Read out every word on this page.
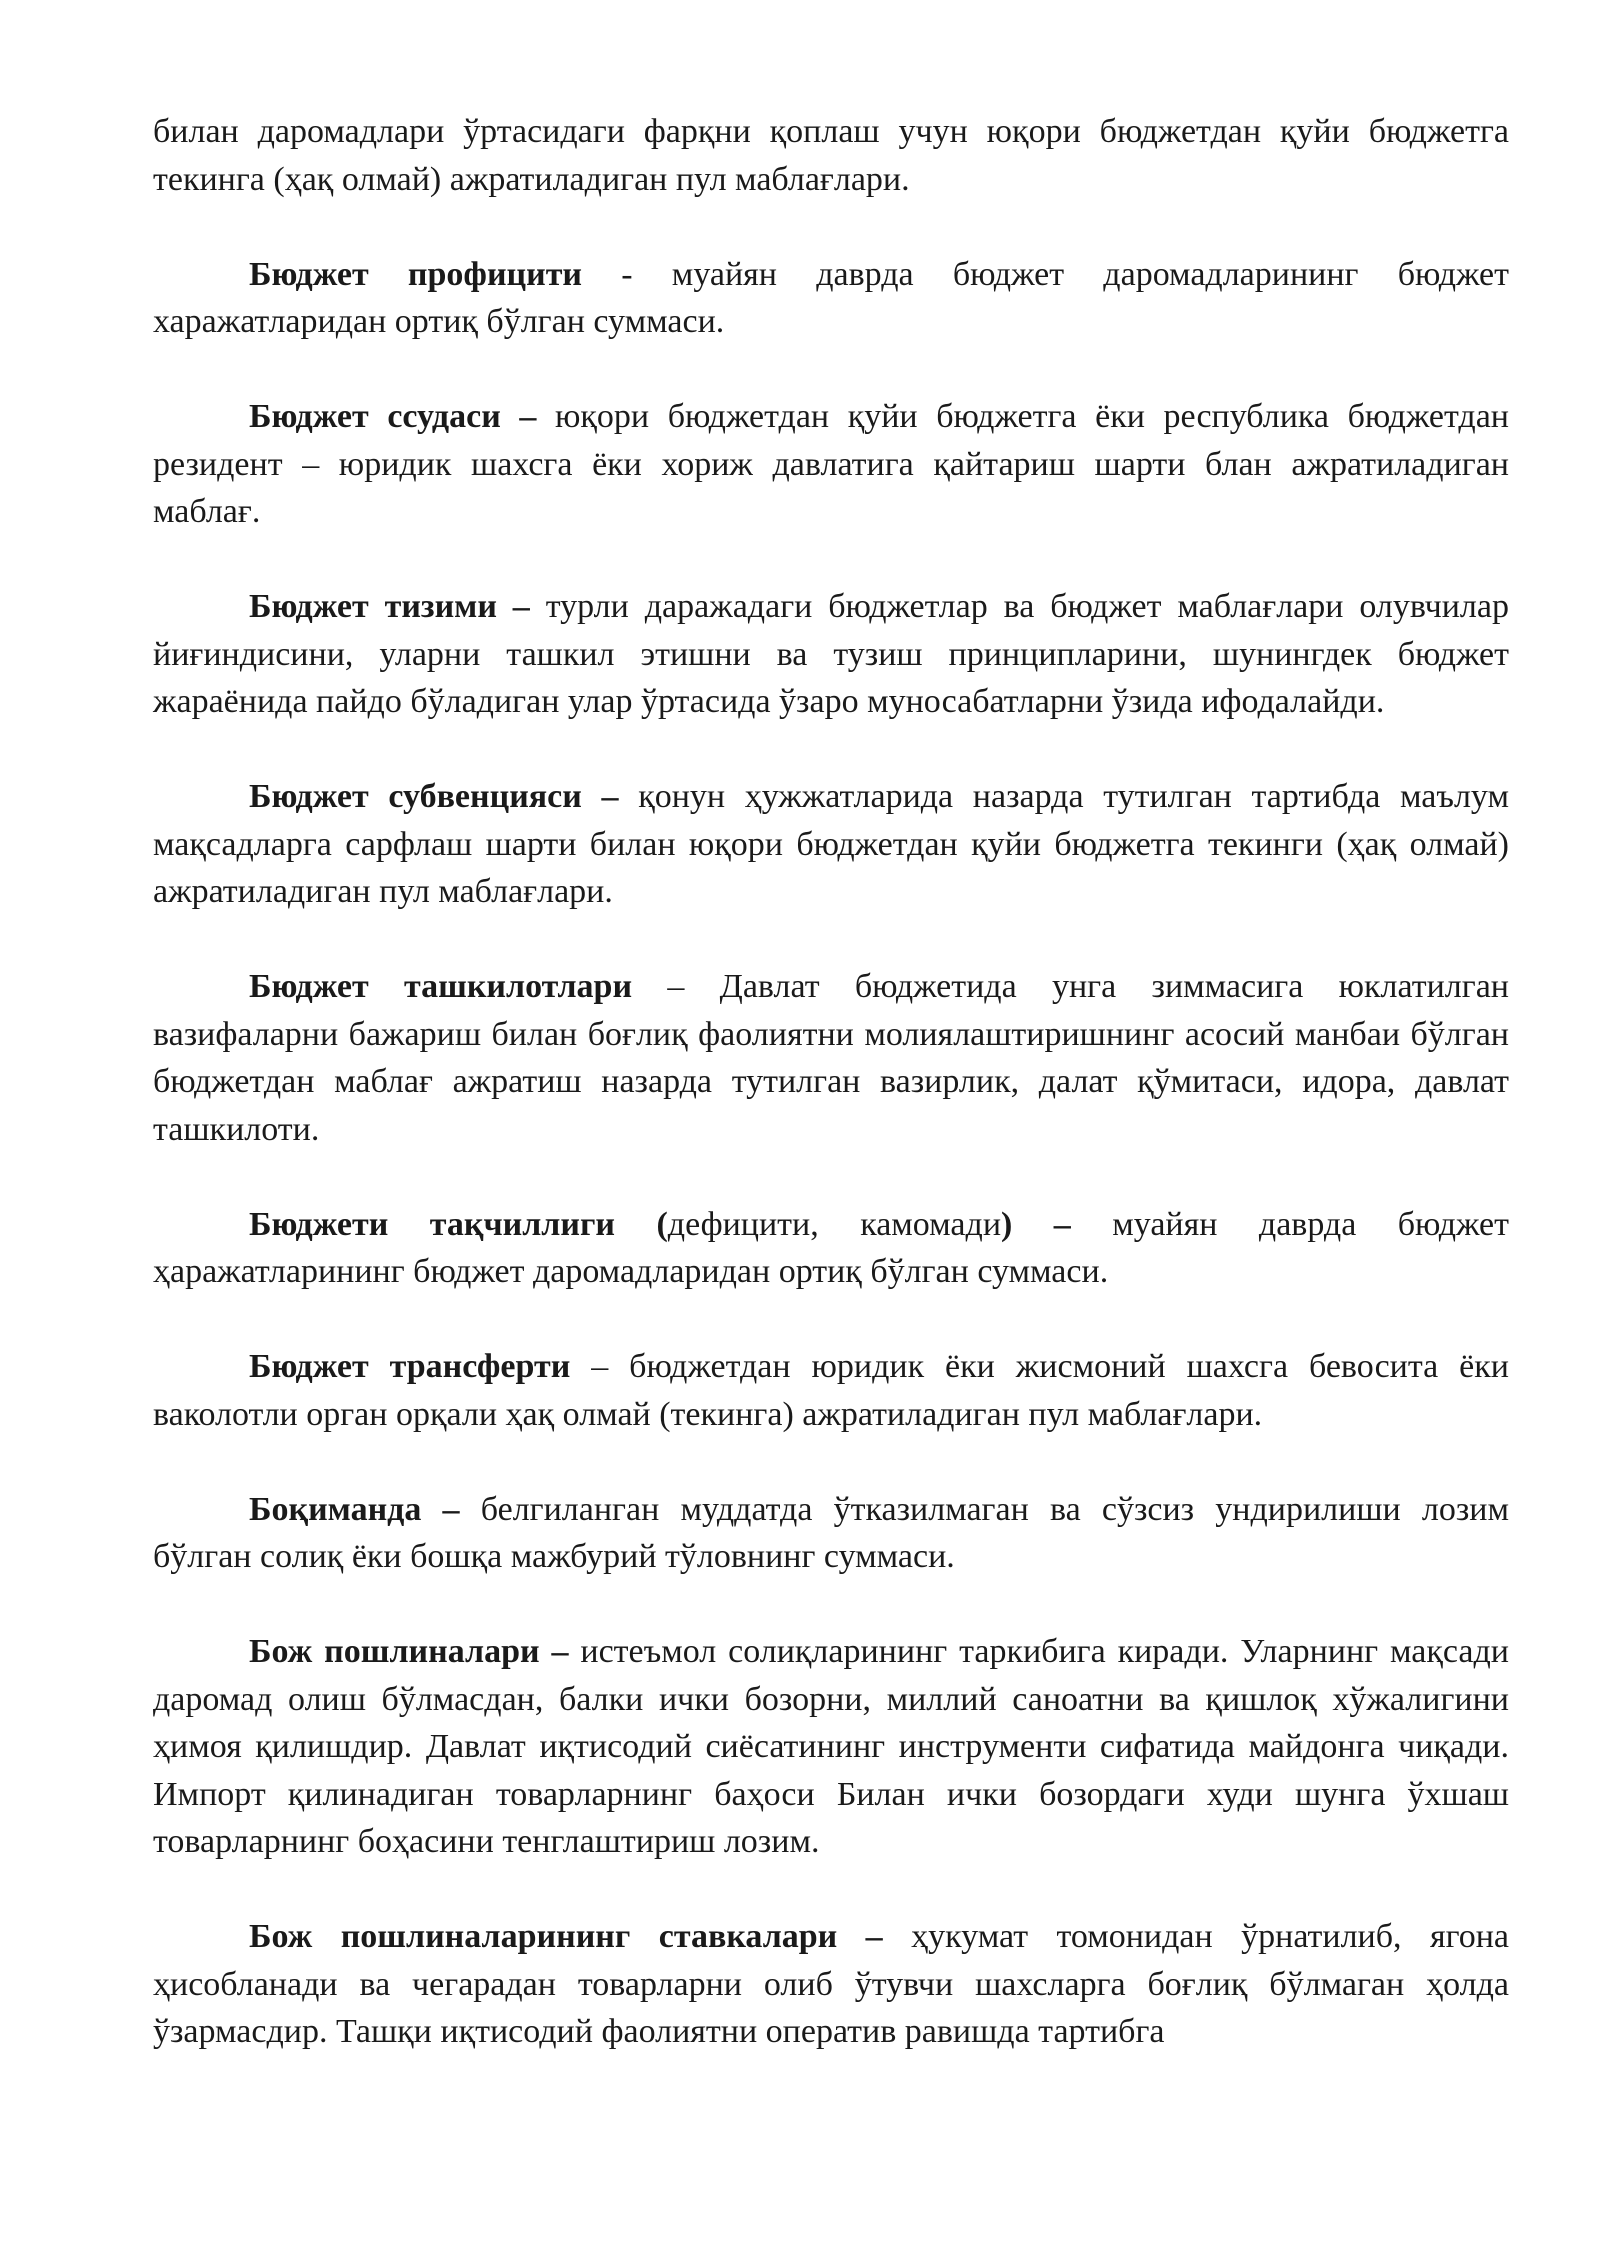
билан даромадлари ўртасидаги фарқни қоплаш учун юқори бюджетдан қуйи бюджетга текинга (ҳақ олмай) ажратиладиган пул маблағлари.

Бюджет профицити - муайян даврда бюджет даромадларининг бюджет харажатларидан ортиқ бўлган суммаси.

Бюджет ссудаси – юқори бюджетдан қуйи бюджетга ёки республика бюджетдан резидент – юридик шахсга ёки хориж давлатига қайтариш шарти блан ажратиладиган маблағ.

Бюджет тизими – турли даражадаги бюджетлар ва бюджет маблағлари олувчилар йиғиндисини, уларни ташкил этишни ва тузиш принципларини, шунингдек бюджет жараёнида пайдо бўладиган улар ўртасида ўзаро муносабатларни ўзида ифодалайди.

Бюджет субвенцияси – қонун ҳужжатларида назарда тутилган тартибда маълум мақсадларга сарфлаш шарти билан юқори бюджетдан қуйи бюджетга текинги (ҳақ олмай) ажратиладиган пул маблағлари.

Бюджет ташкилотлари – Давлат бюджетида унга зиммасига юклатилган вазифаларни бажариш билан боғлиқ фаолиятни молиялаштиришнинг асосий манбаи бўлган бюджетдан маблағ ажратиш назарда тутилган вазирлик, далат қўмитаси, идора, давлат ташкилоти.

Бюджети тақчиллиги (дефицити, камомади) – муайян даврда бюджет ҳаражатларининг бюджет даромадларидан ортиқ бўлган суммаси.

Бюджет трансферти – бюджетдан юридик ёки жисмоний шахсга бевосита ёки ваколотли орган орқали ҳақ олмай (текинга) ажратиладиган пул маблағлари.

Боқиманда – белгиланган муддатда ўтказилмаган ва сўзсиз ундирилиши лозим бўлган солиқ ёки бошқа мажбурий тўловнинг суммаси.

Бож пошлиналари – истеъмол солиқларининг таркибига киради. Уларнинг мақсади даромад олиш бўлмасдан, балки ички бозорни, миллий саноатни ва қишлоқ хўжалигини ҳимоя қилишдир. Давлат иқтисодий сиёсатининг инструменти сифатида майдонга чиқади. Импорт қилинадиган товарларнинг баҳоси Билан ички бозордаги худи шунга ўхшаш товарларнинг боҳасини тенглаштириш лозим.

Бож пошлиналарининг ставкалари – ҳукумат томонидан ўрнатилиб, ягона ҳисобланади ва чегарадан товарларни олиб ўтувчи шахсларга боғлиқ бўлмаган ҳолда ўзармасдир. Ташқи иқтисодий фаолиятни оператив равишда тартибга
